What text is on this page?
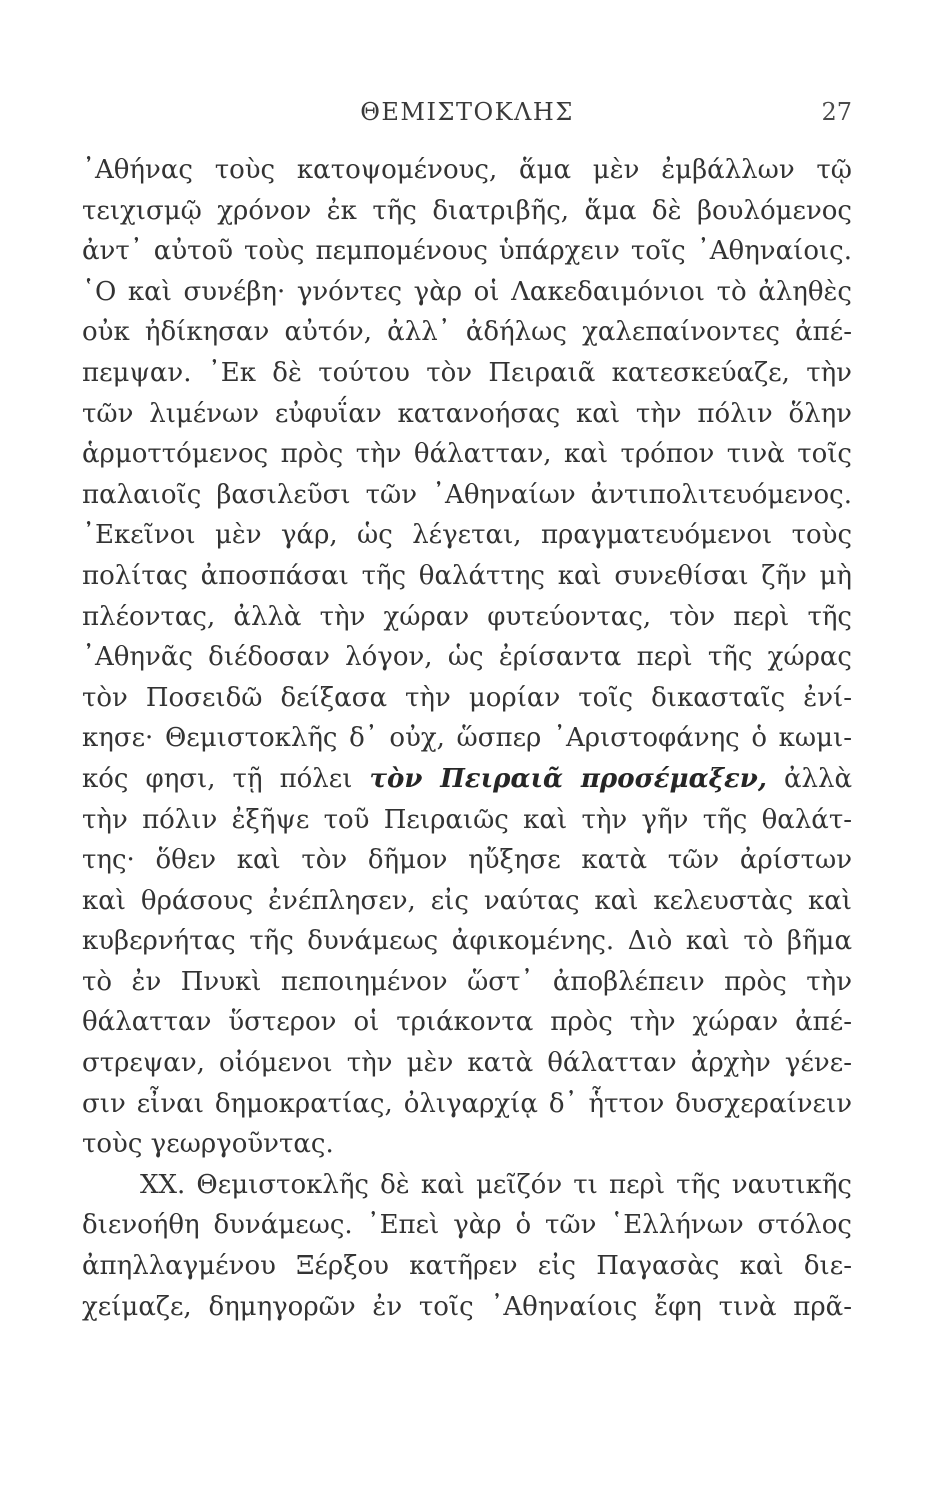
ΘΕΜΙΣΤΟΚΛΗΣ	27
᾿Αθήνας τοὺς κατοψομένους, ἅμα μὲν ἐμβάλλων τῷ
τειχισμῷ χρόνον ἐκ τῆς διατριβῆς, ἅμα δὲ βουλόμενος
ἀντ᾿ αὐτοῦ τοὺς πεμπομένους ὑπάρχειν τοῖς ᾿Αθηναίοις.
῾Ο καὶ συνέβη· γνόντες γὰρ οἱ Λακεδαιμόνιοι τὸ ἀληθὲς
οὐκ ἠδίκησαν αὐτόν, ἀλλ᾿ ἀδήλως χαλεπαίνοντες ἀπέ-
πεμψαν. ᾿Εκ δὲ τούτου τὸν Πειραιᾶ κατεσκεύαζε, τὴν
τῶν λιμένων εὐφυΐαν κατανοήσας καὶ τὴν πόλιν ὅλην
ἁρμοττόμενος πρὸς τὴν θάλατταν, καὶ τρόπον τινὰ τοῖς
παλαιοῖς βασιλεῦσι τῶν ᾿Αθηναίων ἀντιπολιτευόμενος.
᾿Εκεῖνοι μὲν γάρ, ὡς λέγεται, πραγματευόμενοι τοὺς
πολίτας ἀποσπάσαι τῆς θαλάττης καὶ συνεθίσαι ζῆν μὴ
πλέοντας, ἀλλὰ τὴν χώραν φυτεύοντας, τὸν περὶ τῆς
᾿Αθηνᾶς διέδοσαν λόγον, ὡς ἐρίσαντα περὶ τῆς χώρας
τὸν Ποσειδῶ δείξασα τὴν μορίαν τοῖς δικασταῖς ἐνί-
κησε· Θεμιστοκλῆς δ᾿ οὐχ, ὥσπερ ᾿Αριστοφάνης ὁ κωμι-
κός φησι, τῇ πόλει τὸν Πειραιᾶ προσέμαξεν, ἀλλὰ
τὴν πόλιν ἐξῆψε τοῦ Πειραιῶς καὶ τὴν γῆν τῆς θαλάτ-
της· ὅθεν καὶ τὸν δῆμον ηὔξησε κατὰ τῶν ἀρίστων
καὶ θράσους ἐνέπλησεν, εἰς ναύτας καὶ κελευστὰς καὶ
κυβερνήτας τῆς δυνάμεως ἀφικομένης. Διὸ καὶ τὸ βῆμα
τὸ ἐν Πνυκὶ πεποιημένον ὥστ᾿ ἀποβλέπειν πρὸς τὴν
θάλατταν ὕστερον οἱ τριάκοντα πρὸς τὴν χώραν ἀπέ-
στρεψαν, οἰόμενοι τὴν μὲν κατὰ θάλατταν ἀρχὴν γένε-
σιν εἶναι δημοκρατίας, ὀλιγαρχίᾳ δ᾿ ἧττον δυσχεραίνειν
τοὺς γεωργοῦντας.
ΧΧ. Θεμιστοκλῆς δὲ καὶ μεῖζόν τι περὶ τῆς ναυτικῆς
διενοήθη δυνάμεως. ᾿Επεὶ γὰρ ὁ τῶν ῾Ελλήνων στόλος
ἀπηλλαγμένου Ξέρξου κατῆρεν εἰς Παγασὰς καὶ διε-
χείμαζε, δημηγορῶν ἐν τοῖς ᾿Αθηναίοις ἔφη τινὰ πρᾶ-
